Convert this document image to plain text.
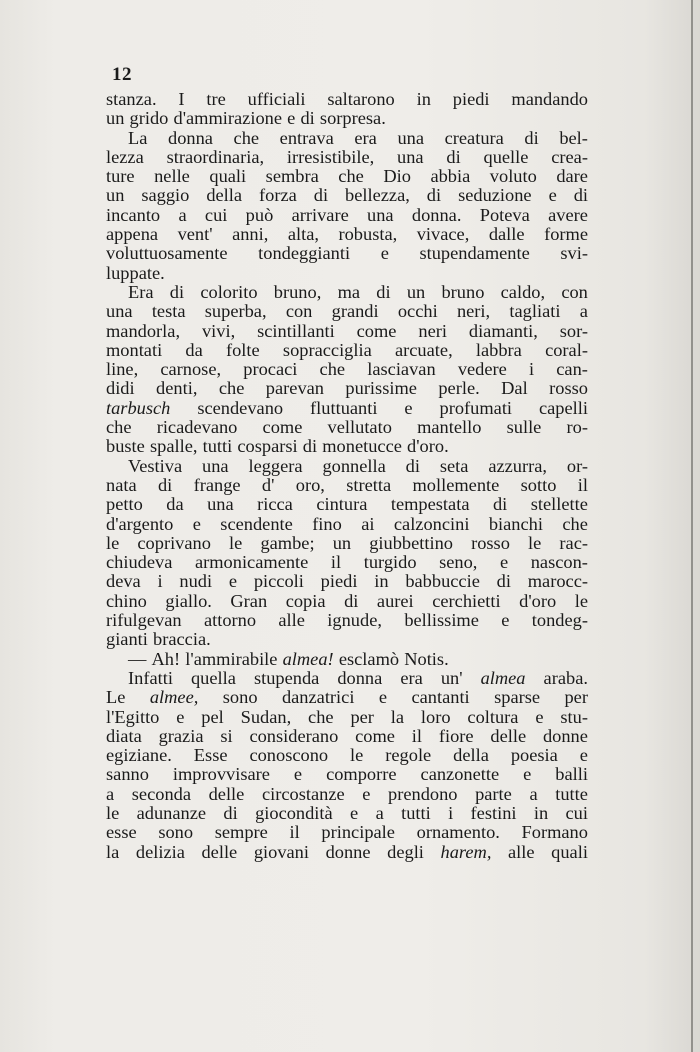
12
stanza. I tre ufficiali saltarono in piedi mandando
un grido d'ammirazione e di sorpresa.
La donna che entrava era una creatura di bel-
lezza straordinaria, irresistibile, una di quelle crea-
ture nelle quali sembra che Dio abbia voluto dare
un saggio della forza di bellezza, di seduzione e di
incanto a cui può arrivare una donna. Poteva avere
appena vent' anni, alta, robusta, vivace, dalle forme
voluttuosamente tondeggianti e stupendamente svi-
luppate.
Era di colorito bruno, ma di un bruno caldo, con
una testa superba, con grandi occhi neri, tagliati a
mandorla, vivi, scintillanti come neri diamanti, sor-
montati da folte sopracciglia arcuate, labbra coral-
line, carnose, procaci che lasciavan vedere i can-
didi denti, che parevan purissime perle. Dal rosso
tarbusch scendevano fluttuanti e profumati capelli
che ricadevano come vellutato mantello sulle ro-
buste spalle, tutti cosparsi di monetucce d'oro.
Vestiva una leggera gonnella di seta azzurra, or-
nata di frange d' oro, stretta mollemente sotto il
petto da una ricca cintura tempestata di stellette
d'argento e scendente fino ai calzoncini bianchi che
le coprivano le gambe; un giubbettino rosso le rac-
chiudeva armonicamente il turgido seno, e nascon-
deva i nudi e piccoli piedi in babbuccie di marocc-
chino giallo. Gran copia di aurei cerchietti d'oro le
rifulgevan attorno alle ignude, bellissime e tondeg-
gianti braccia.
— Ah! l'ammirabile almea! esclamò Notis.
Infatti quella stupenda donna era un' almea araba.
Le almee, sono danzatrici e cantanti sparse per
l'Egitto e pel Sudan, che per la loro coltura e stu-
diata grazia si considerano come il fiore delle donne
egiziane. Esse conoscono le regole della poesia e
sanno improvvisare e comporre canzonette e balli
a seconda delle circostanze e prendono parte a tutte
le adunanze di giocondità e a tutti i festini in cui
esse sono sempre il principale ornamento. Formano
la delizia delle giovani donne degli harem, alle quali
